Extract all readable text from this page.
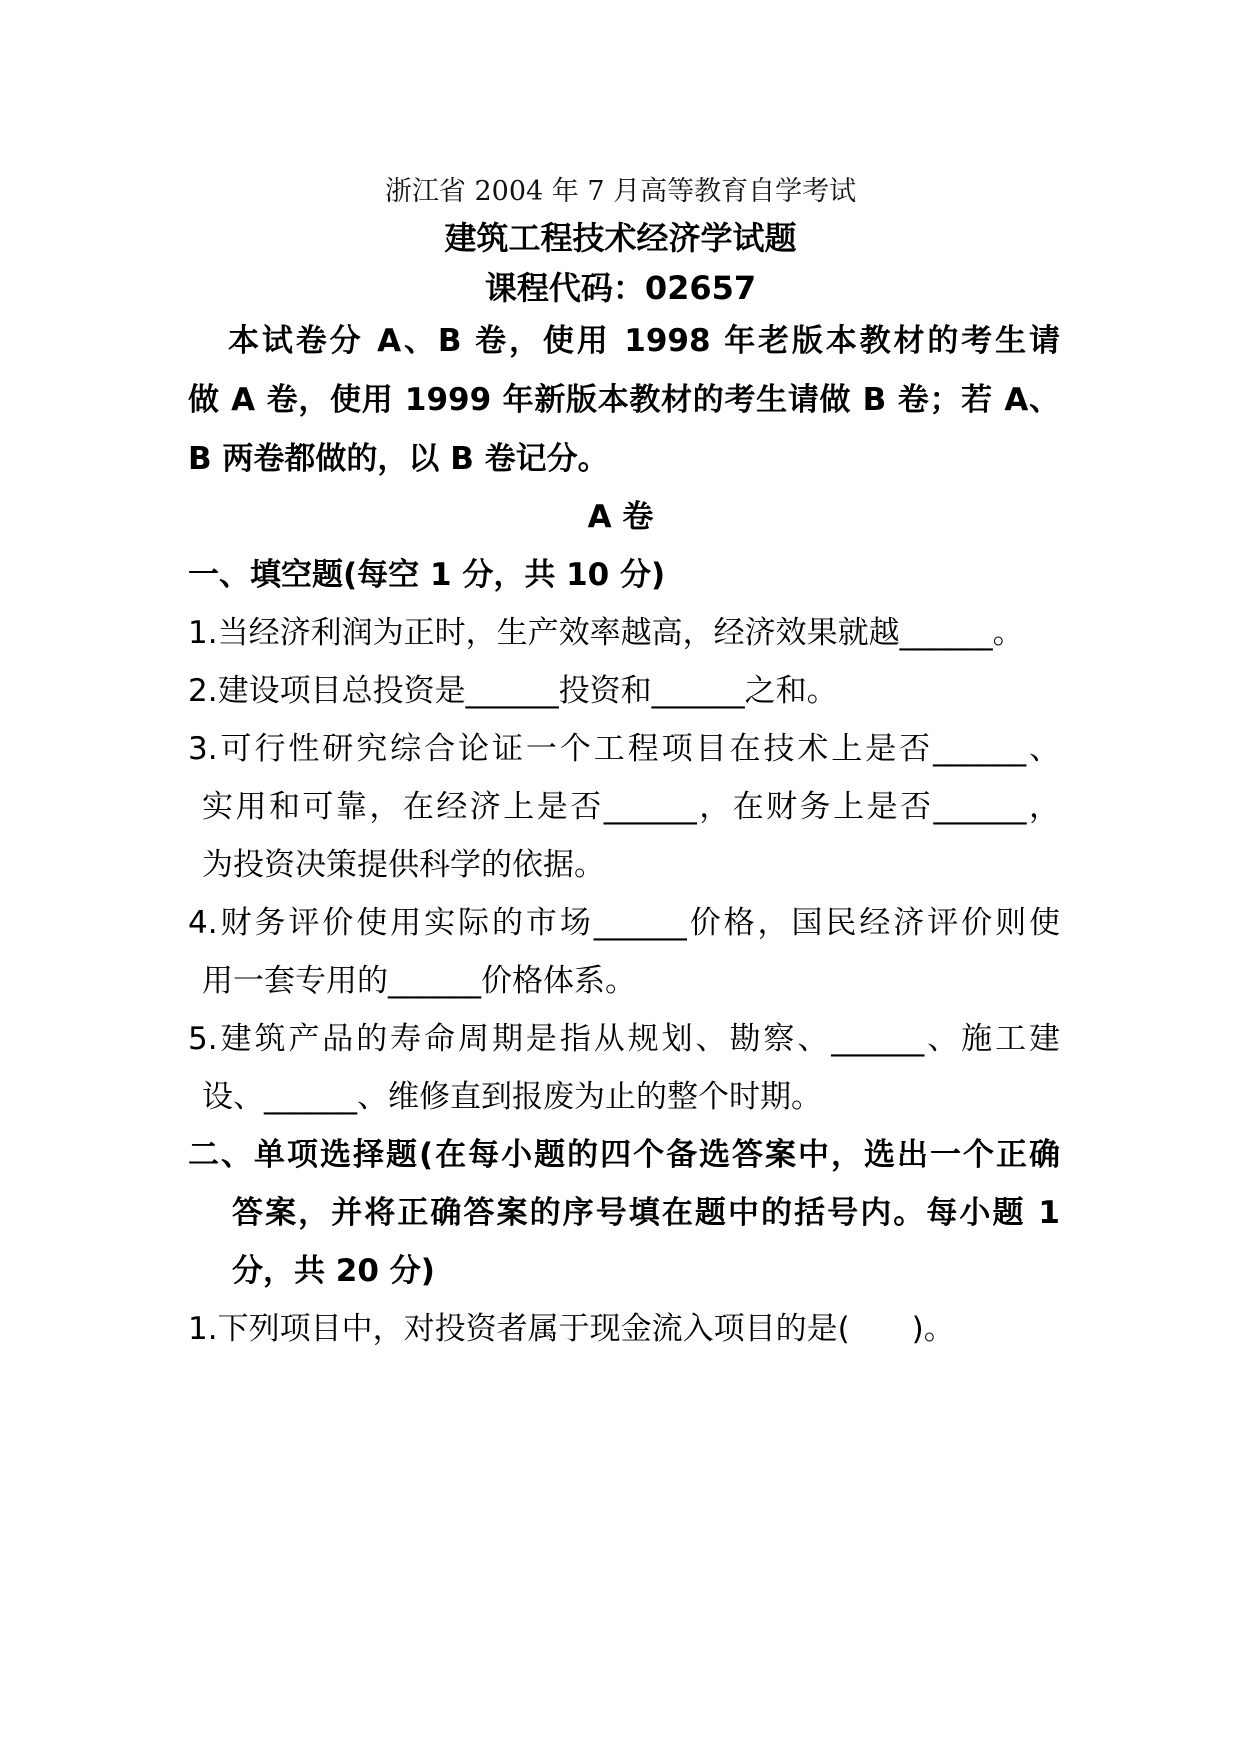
浙江省 2004 年 7 月高等教育自学考试
建筑工程技术经济学试题
课程代码：02657
本试卷分 A、B 卷，使用 1998 年老版本教材的考生请
做 A 卷，使用 1999 年新版本教材的考生请做 B 卷；若 A、
B 两卷都做的，以 B 卷记分。
A 卷
一、填空题(每空 1 分，共 10 分)
1.当经济利润为正时，生产效率越高，经济效果就越______。
2.建设项目总投资是______投资和______之和。
3.可行性研究综合论证一个工程项目在技术上是否______、
实用和可靠，在经济上是否______，在财务上是否______，
为投资决策提供科学的依据。
4.财务评价使用实际的市场______价格，国民经济评价则使
用一套专用的______价格体系。
5.建筑产品的寿命周期是指从规划、勘察、______、施工建
设、______、维修直到报废为止的整个时期。
二、单项选择题(在每小题的四个备选答案中，选出一个正确
答案，并将正确答案的序号填在题中的括号内。每小题 1
分，共 20 分)
1.下列项目中，对投资者属于现金流入项目的是(　　)。
